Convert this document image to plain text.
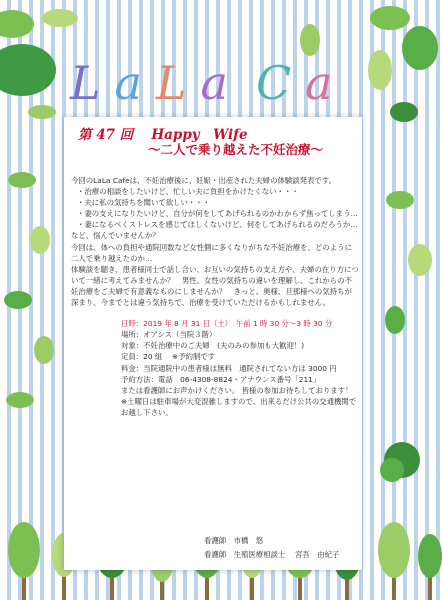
LaLa Ca
第 47 回　 Happy　Wife
～二人で乗り越えた不妊治療～

今回のLaLa Cafeは、不妊治療後に、妊娠・出産された夫婦の体験談発表です。

・治療の相談をしたいけど、忙しい夫に負担をかけたくない・・・

・夫に私の気持ちを聞いて欲しい・・・

・妻の支えになりたいけど、自分が何をしてあげられるのかわからず焦ってしまう…

・妻になるべくストレスを感じてほしくないけど、何をしてあげられるのだろうか…

など、悩んでいませんか？

今回は、体への負担や通院回数など女性側に多くなりがちな不妊治療を、どのように二人で乗り越えたのか…

体験談を聴き、患者様同士で話し合い、お互いの気持ちの支え方や、夫婦の在り方について一緒に考えてみませんか？　男性、女性の気持ちの違いを理解し、これからの不妊治療をご夫婦で有意義なものにしませんか？　きっと、奥様、旦那様への気持ちが深まり、今までとは違う気持ちで、治療を受けていただけるかもしれません。

日時：2019 年 8 月 31 日（土）　午前 1 時 30 分～3 時 30 分

場所：オアシス（当院３階）

対象：不妊治療中のご夫婦　(夫のみの参加も大歓迎！)

定員：20 組　 ※予約制です

料金：当院通院中の患者様は無料　通院されてない方は 3000 円

予約方法：電話　06-4308-8824・アナウンス番号「211」

または看護師にお声かけください。 皆様の参加お待ちしております！

※土曜日は駐車場が大変混雑しますので、出来るだけ公共の交通機関でお越し下さい。

看護師　市橋　悠
看護師　生殖医療相談士　 宮吾　由紀子
